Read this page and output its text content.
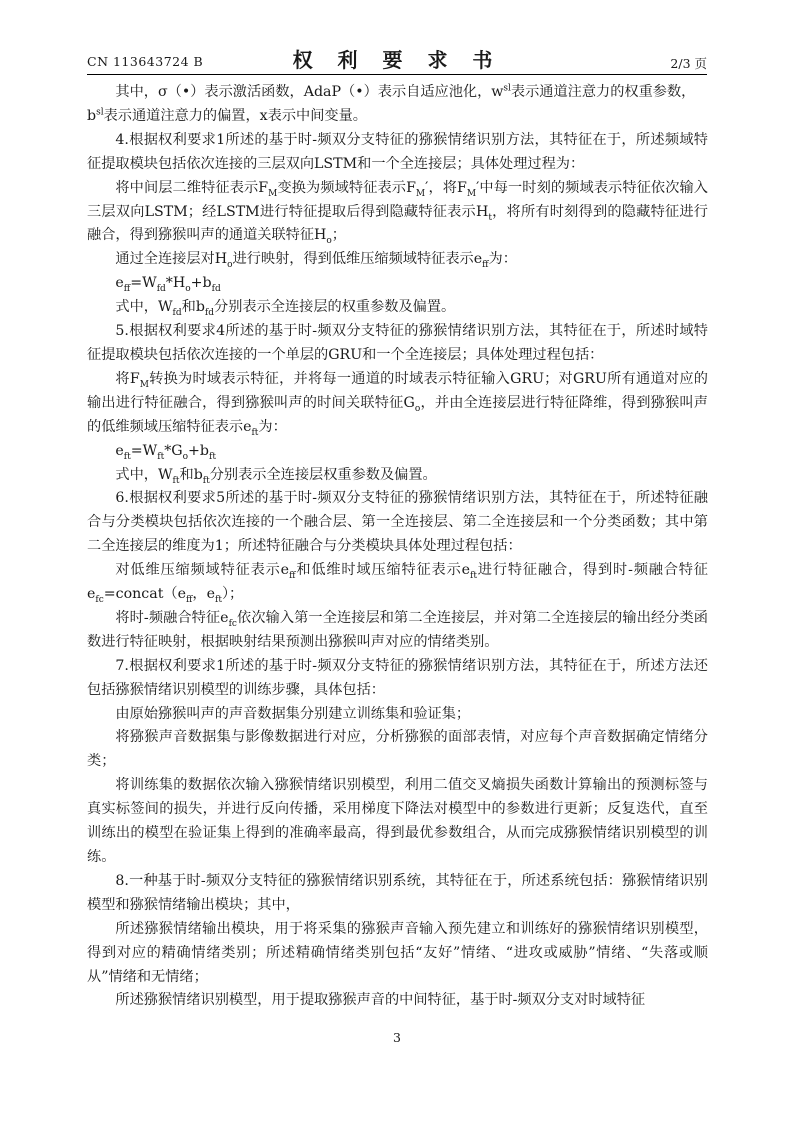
CN 113643724 B	权 利 要 求 书	2/3 页

其中，σ（•）表示激活函数，AdaP（•）表示自适应池化，$w^{sl}$表示通道注意力的权重参数，

$b^{sl}$表示通道注意力的偏置，x表示中间变量。

4.根据权利要求1所述的基于时-频双分支特征的猕猴情绪识别方法，其特征在于，所述频域特征提取模块包括依次连接的三层双向LSTM和一个全连接层；具体处理过程为：

将中间层二维特征表示$F_M$变换为频域特征表示$F_M'$，将$F_M'$中每一时刻的频域表示特征依次输入三层双向LSTM；经LSTM进行特征提取后得到隐藏特征表示$H_t$，将所有时刻得到的隐藏特征进行融合，得到猕猴叫声的通道关联特征$H_o$；

通过全连接层对$H_o$进行映射，得到低维压缩频域特征表示$e_{ff}$为：

$e_{ff}=W_{fd}*H_o+b_{fd}$

式中，$W_{fd}$和$b_{fd}$分别表示全连接层的权重参数及偏置。

5.根据权利要求4所述的基于时-频双分支特征的猕猴情绪识别方法，其特征在于，所述时域特征提取模块包括依次连接的一个单层的GRU和一个全连接层；具体处理过程包括：

将$F_M$转换为时域表示特征，并将每一通道的时域表示特征输入GRU；对GRU所有通道对应的输出进行特征融合，得到猕猴叫声的时间关联特征$G_o$，并由全连接层进行特征降维，得到猕猴叫声的低维频域压缩特征表示$e_{ft}$为：

$e_{ft}=W_{ft}*G_o+b_{ft}$

式中，$W_{ft}$和$b_{ft}$分别表示全连接层权重参数及偏置。

6.根据权利要求5所述的基于时-频双分支特征的猕猴情绪识别方法，其特征在于，所述特征融合与分类模块包括依次连接的一个融合层、第一全连接层、第二全连接层和一个分类函数；其中第二全连接层的维度为1；所述特征融合与分类模块具体处理过程包括：

对低维压缩频域特征表示$e_{ff}$和低维时域压缩特征表示$e_{ft}$进行特征融合，得到时-频融合特征$e_{fc}=concat(e_{ff}$，$e_{ft}$）；

将时-频融合特征$e_{fc}$依次输入第一全连接层和第二全连接层，并对第二全连接层的输出经分类函数进行特征映射，根据映射结果预测出猕猴叫声对应的情绪类别。

7.根据权利要求1所述的基于时-频双分支特征的猕猴情绪识别方法，其特征在于，所述方法还包括猕猴情绪识别模型的训练步骤，具体包括：

由原始猕猴叫声的声音数据集分别建立训练集和验证集；

将猕猴声音数据集与影像数据进行对应，分析猕猴的面部表情，对应每个声音数据确定情绪分类；

将训练集的数据依次输入猕猴情绪识别模型，利用二值交叉熵损失函数计算输出的预测标签与真实标签间的损失，并进行反向传播，采用梯度下降法对模型中的参数进行更新；反复迭代，直至训练出的模型在验证集上得到的准确率最高，得到最优参数组合，从而完成猕猴情绪识别模型的训练。

8.一种基于时-频双分支特征的猕猴情绪识别系统，其特征在于，所述系统包括：猕猴情绪识别模型和猕猴情绪输出模块；其中，

所述猕猴情绪输出模块，用于将采集的猕猴声音输入预先建立和训练好的猕猴情绪识别模型，得到对应的精确情绪类别；所述精确情绪类别包括“友好”情绪、“进攻或威胁”情绪、“失落或顺从”情绪和无情绪；

所述猕猴情绪识别模型，用于提取猕猴声音的中间特征，基于时-频双分支对时域特征

3
